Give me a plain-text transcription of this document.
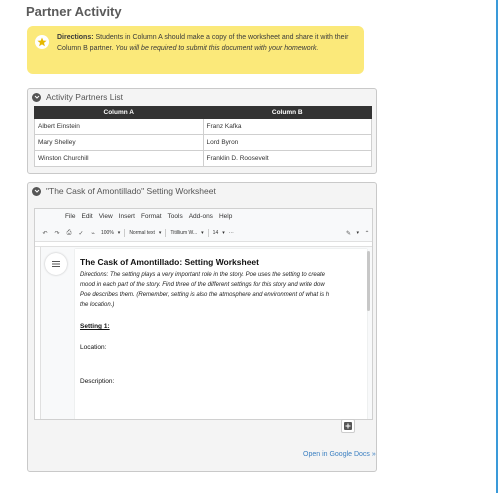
Partner Activity
Directions: Students in Column A should make a copy of the worksheet and share it with their Column B partner. You will be required to submit this document with your homework.
Activity Partners List
Column A	Column B
Albert Einstein	Franz Kafka
Mary Shelley	Lord Byron
Winston Churchill	Franklin D. Roosevelt
"The Cask of Amontillado" Setting Worksheet
File Edit View Insert Format Tools Add-ons Help
↶ ↷ ⎙ ✓	⌁	100% ▾ Normal text ▾ Titillium W... ▾ 14 ▾ ···	✎ ▾ ⌃
The Cask of Amontillado: Setting Worksheet
Directions: The setting plays a very important role in the story. Poe uses the setting to create
mood in each part of the story. Find three of the different settings for this story and write dow
Poe describes them. (Remember, setting is also the atmosphere and environment of what is h
the location.)
Setting 1:
Location:
Description:
Open in Google Docs »
